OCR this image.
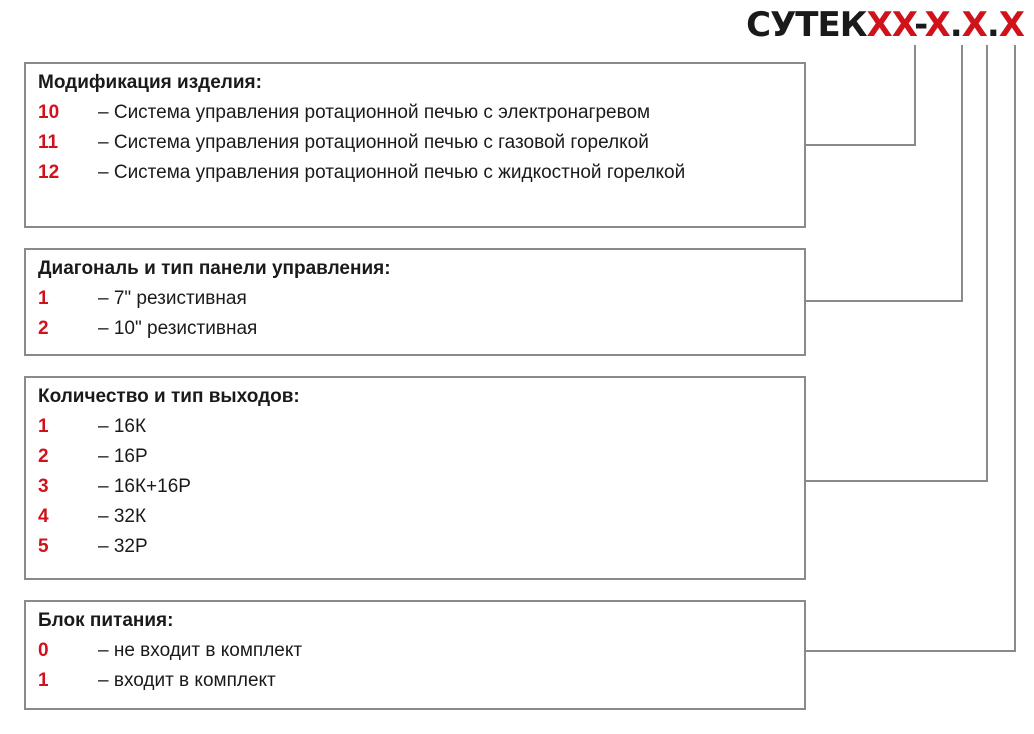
СУТЕКXX-X.X.X
Модификация изделия:
10	– Система управления ротационной печью с электронагревом
11	– Система управления ротационной печью с газовой горелкой
12	– Система управления ротационной печью с жидкостной горелкой
Диагональ и тип панели управления:
1	– 7" резистивная
2	– 10" резистивная
Количество и тип выходов:
1	– 16К
2	– 16Р
3	– 16К+16Р
4	– 32К
5	– 32Р
Блок питания:
0	– не входит в комплект
1	– входит в комплект
